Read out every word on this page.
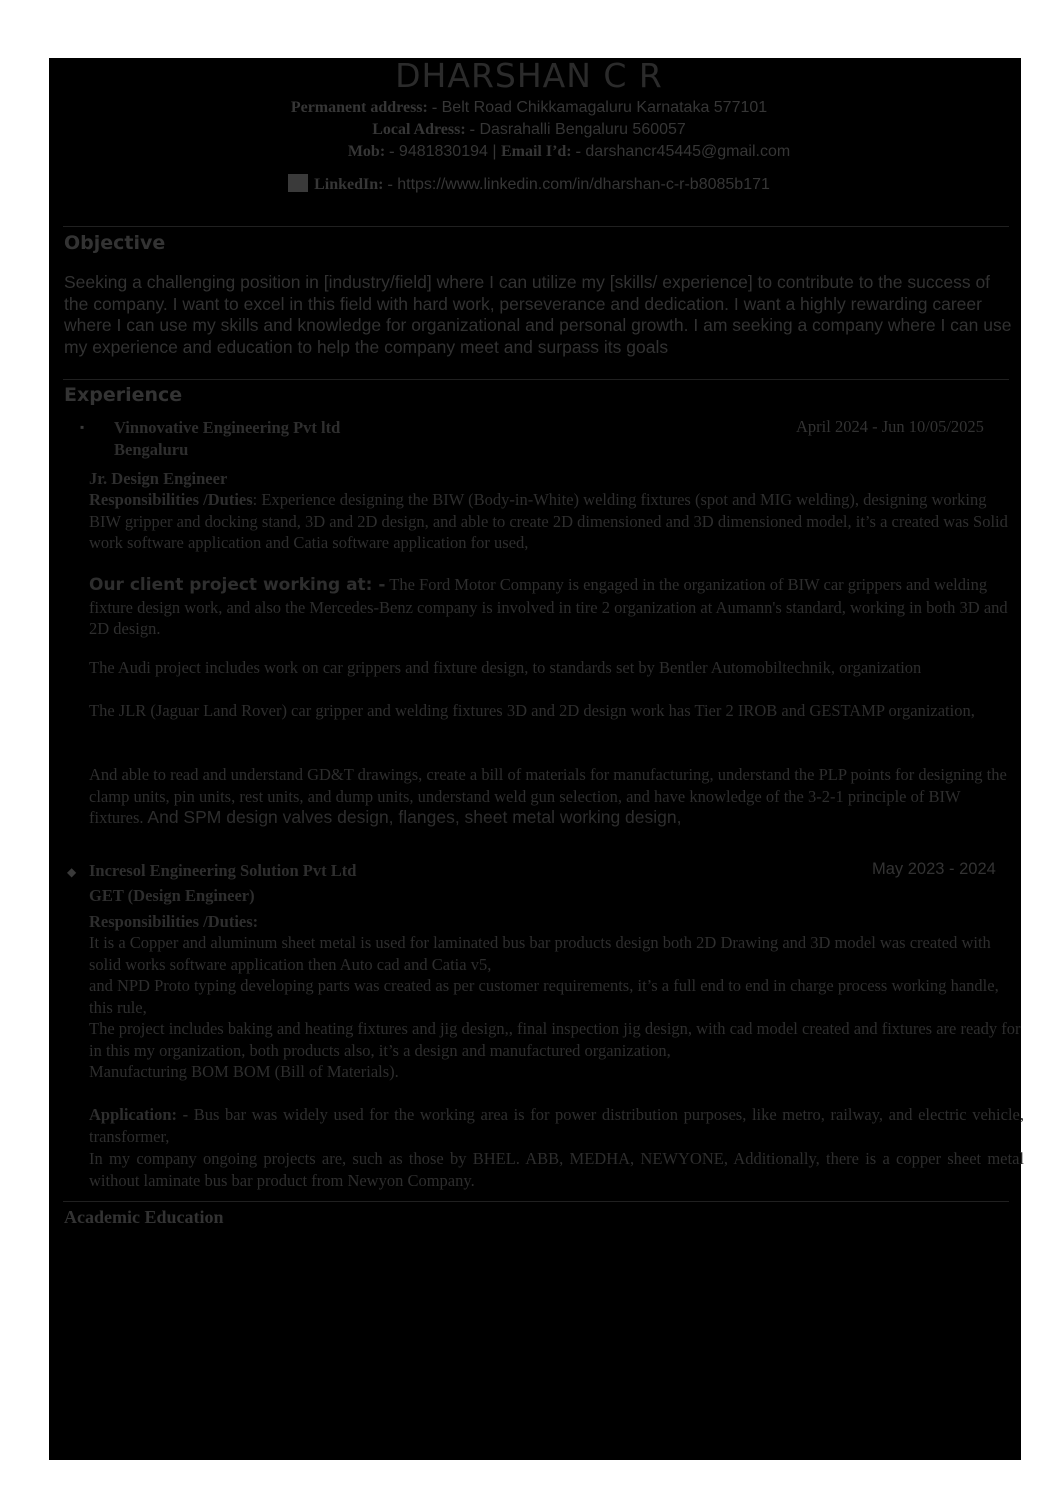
DHARSHAN C R
Permanent address: - Belt Road Chikkamagaluru Karnataka 577101
Local Adress: - Dasrahalli Bengaluru 560057
Mob: - 9481830194 | Email I’d: - darshancr45445@gmail.com
LinkedIn: - https://www.linkedin.com/in/dharshan-c-r-b8085b171
Objective
Seeking a challenging position in [industry/field] where I can utilize my [skills/ experience] to contribute to the success of the company. I want to excel in this field with hard work, perseverance and dedication. I want a highly rewarding career where I can use my skills and knowledge for organizational and personal growth. I am seeking a company where I can use my experience and education to help the company meet and surpass its goals
Experience
▪ Vinnovative Engineering Pvt ltd
Bengaluru
April 2024 - Jun 10/05/2025
Jr. Design Engineer
Responsibilities /Duties: Experience designing the BIW (Body-in-White) welding fixtures (spot and MIG welding), designing working BIW gripper and docking stand, 3D and 2D design, and able to create 2D dimensioned and 3D dimensioned model, it’s a created was Solid work software application and Catia software application for used,
Our client project working at: - The Ford Motor Company is engaged in the organization of BIW car grippers and welding fixture design work, and also the Mercedes-Benz company is involved in tire 2 organization at Aumann's standard, working in both 3D and 2D design.
The Audi project includes work on car grippers and fixture design, to standards set by Bentler Automobiltechnik, organization
The JLR (Jaguar Land Rover) car gripper and welding fixtures 3D and 2D design work has Tier 2 IROB and GESTAMP organization,
And able to read and understand GD&T drawings, create a bill of materials for manufacturing, understand the PLP points for designing the clamp units, pin units, rest units, and dump units, understand weld gun selection, and have knowledge of the 3-2-1 principle of BIW fixtures. And SPM design valves design, flanges, sheet metal working design,
◆ Incresol Engineering Solution Pvt Ltd	May 2023 - 2024
GET (Design Engineer)
Responsibilities /Duties:
It is a Copper and aluminum sheet metal is used for laminated bus bar products design both 2D Drawing and 3D model was created with solid works software application then Auto cad and Catia v5,
and NPD Proto typing developing parts was created as per customer requirements, it’s a full end to end in charge process working handle, this rule,
The project includes baking and heating fixtures and jig design,, final inspection jig design, with cad model created and fixtures are ready for in this my organization, both products also, it’s a design and manufactured organization,
Manufacturing BOM BOM (Bill of Materials).
Application: - Bus bar was widely used for the working area is for power distribution purposes, like metro, railway, and electric vehicle, transformer,
In my company ongoing projects are, such as those by BHEL. ABB, MEDHA, NEWYONE, Additionally, there is a copper sheet metal without laminate bus bar product from Newyon Company.
Academic Education
